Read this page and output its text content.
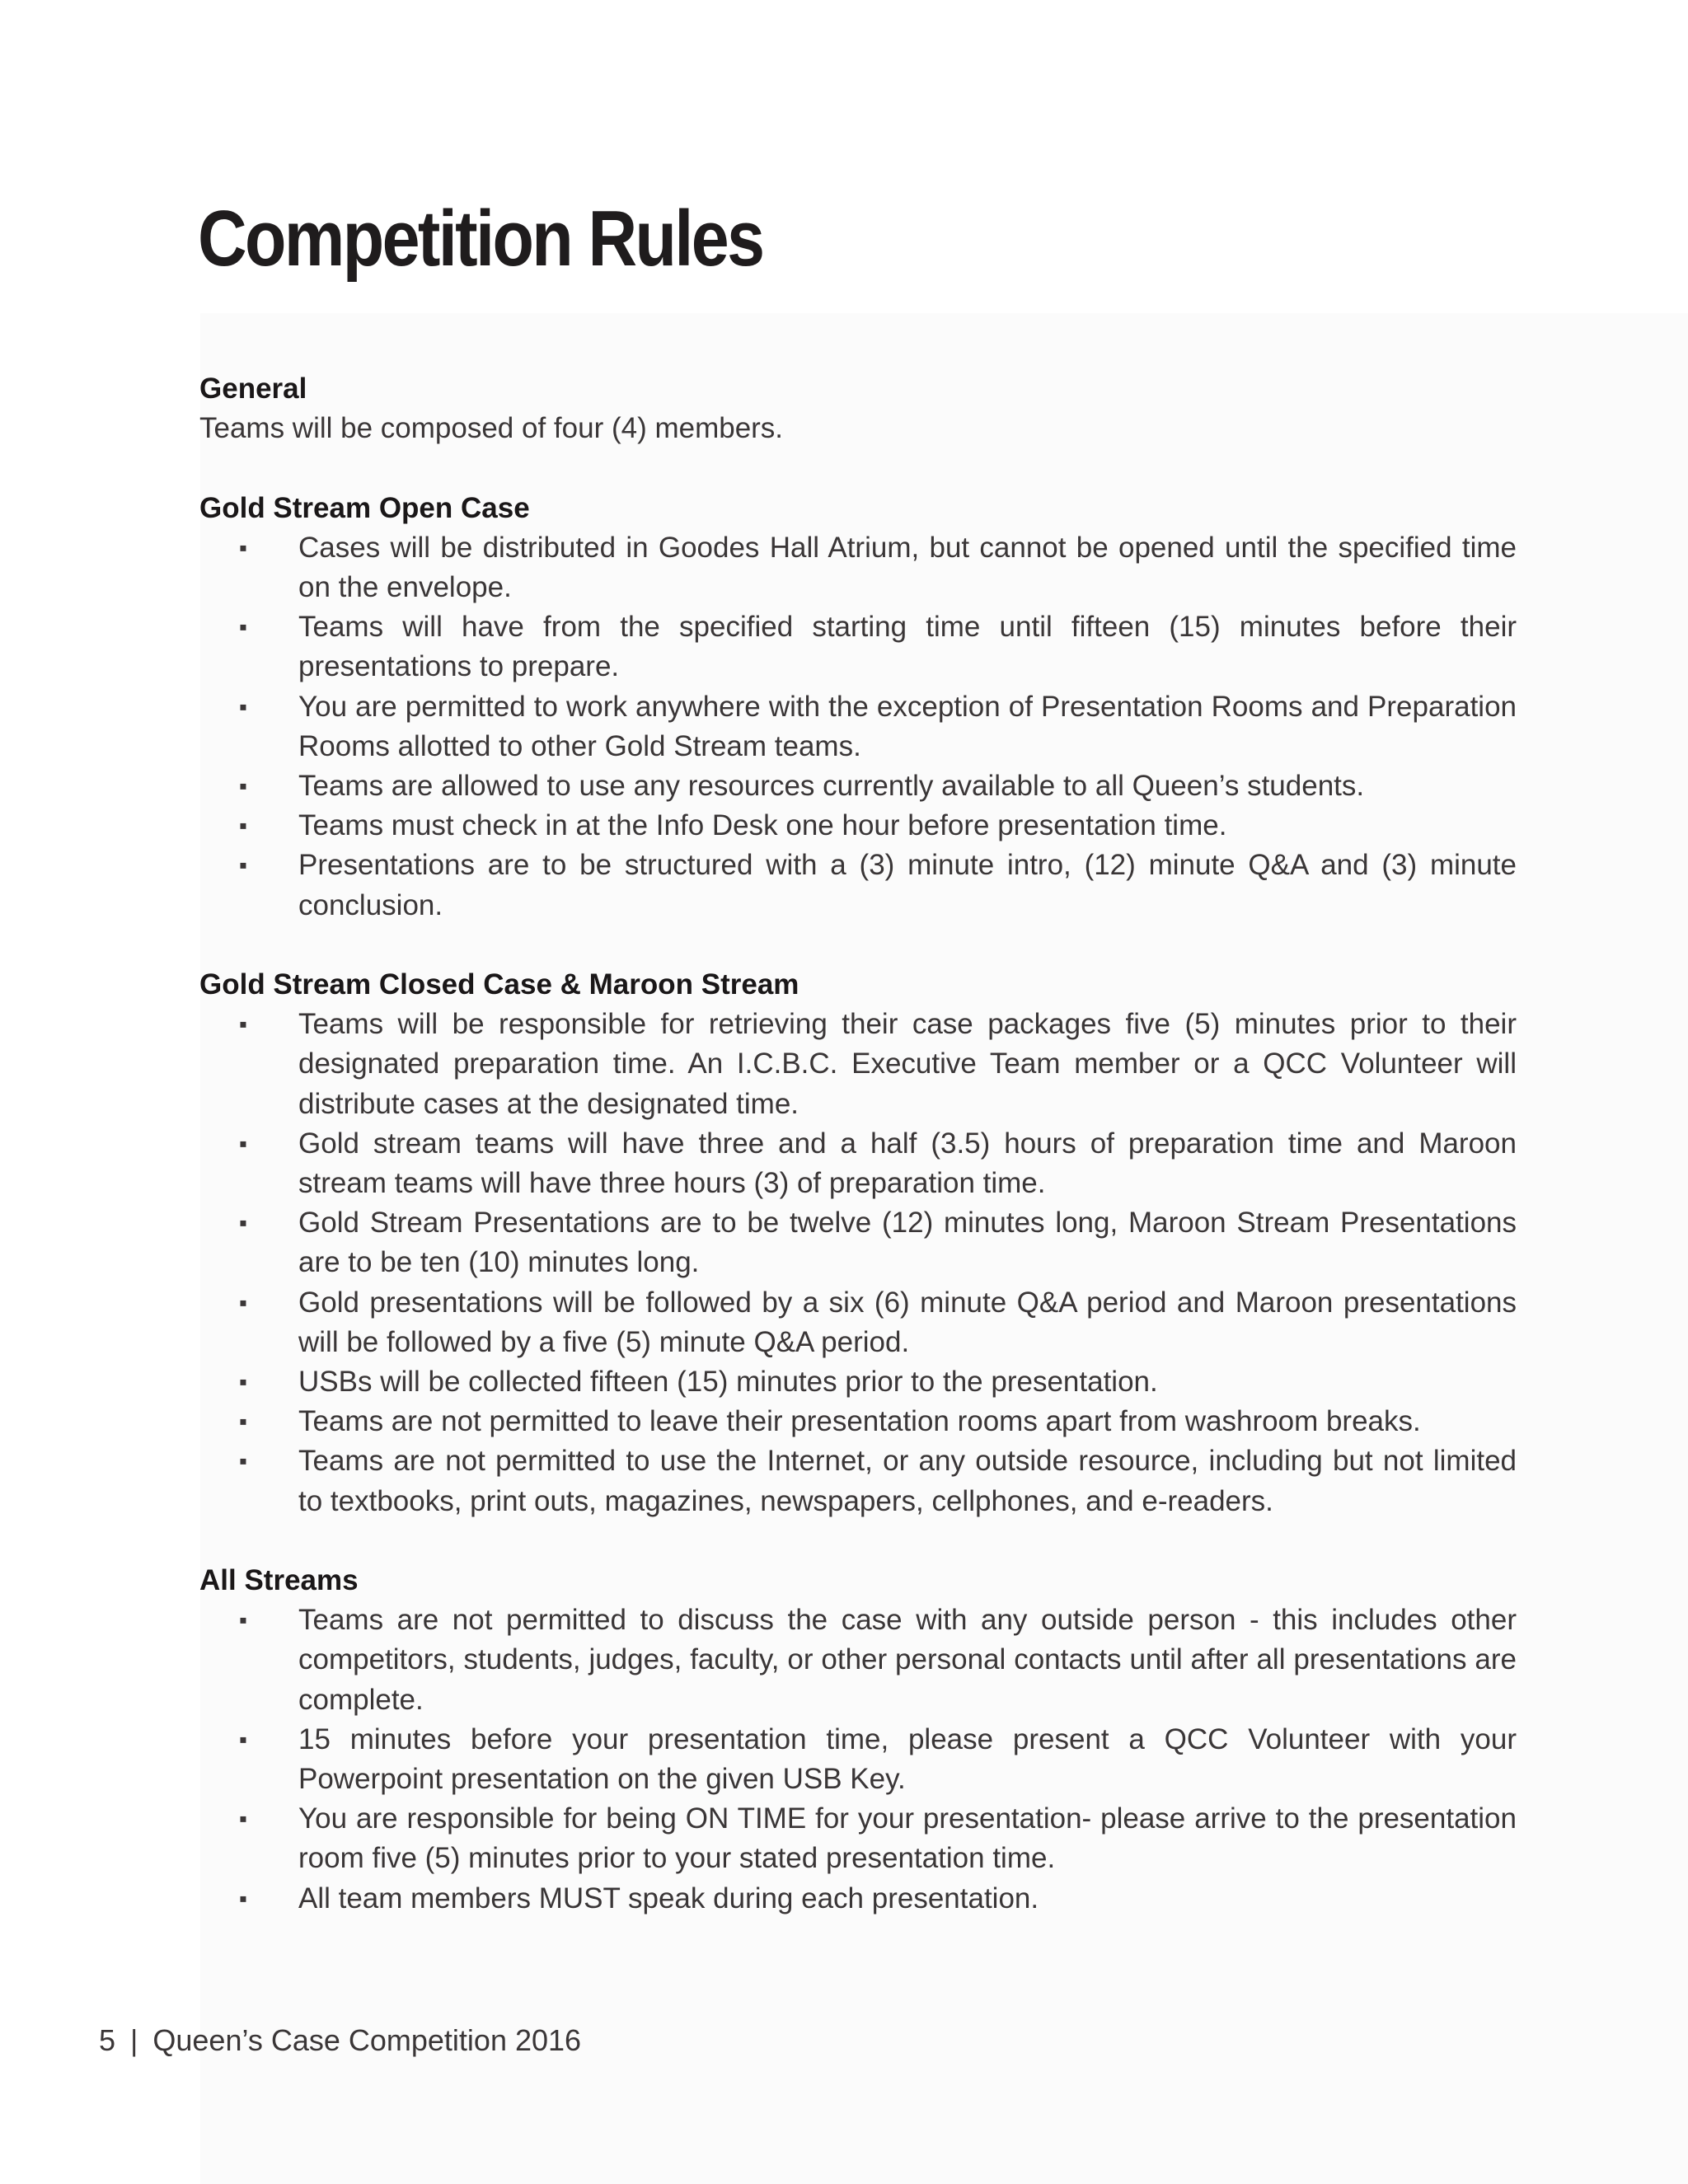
Competition Rules
General
Teams will be composed of four (4) members.
Gold Stream Open Case
▪ Cases will be distributed in Goodes Hall Atrium, but cannot be opened until the specified time on the envelope.
▪ Teams will have from the specified starting time until fifteen (15) minutes before their presentations to prepare.
▪ You are permitted to work anywhere with the exception of Presentation Rooms and Preparation Rooms allotted to other Gold Stream teams.
▪ Teams are allowed to use any resources currently available to all Queen’s students.
▪ Teams must check in at the Info Desk one hour before presentation time.
▪ Presentations are to be structured with a (3) minute intro, (12) minute Q&A and (3) minute conclusion.
Gold Stream Closed Case & Maroon Stream
▪ Teams will be responsible for retrieving their case packages five (5) minutes prior to their designated preparation time. An I.C.B.C. Executive Team member or a QCC Volunteer will distribute cases at the designated time.
▪ Gold stream teams will have three and a half (3.5) hours of preparation time and Maroon stream teams will have three hours (3) of preparation time.
▪ Gold Stream Presentations are to be twelve (12) minutes long, Maroon Stream Presentations are to be ten (10) minutes long.
▪ Gold presentations will be followed by a six (6) minute Q&A period and Maroon presentations will be followed by a five (5) minute Q&A period.
▪ USBs will be collected fifteen (15) minutes prior to the presentation.
▪ Teams are not permitted to leave their presentation rooms apart from washroom breaks.
▪ Teams are not permitted to use the Internet, or any outside resource, including but not limited to textbooks, print outs, magazines, newspapers, cellphones, and e-readers.
All Streams
▪ Teams are not permitted to discuss the case with any outside person - this includes other competitors, students, judges, faculty, or other personal contacts until after all presentations are complete.
▪ 15 minutes before your presentation time, please present a QCC Volunteer with your Powerpoint presentation on the given USB Key.
▪ You are responsible for being ON TIME for your presentation- please arrive to the presentation room five (5) minutes prior to your stated presentation time.
▪ All team members MUST speak during each presentation.
5 | Queen’s Case Competition 2016
